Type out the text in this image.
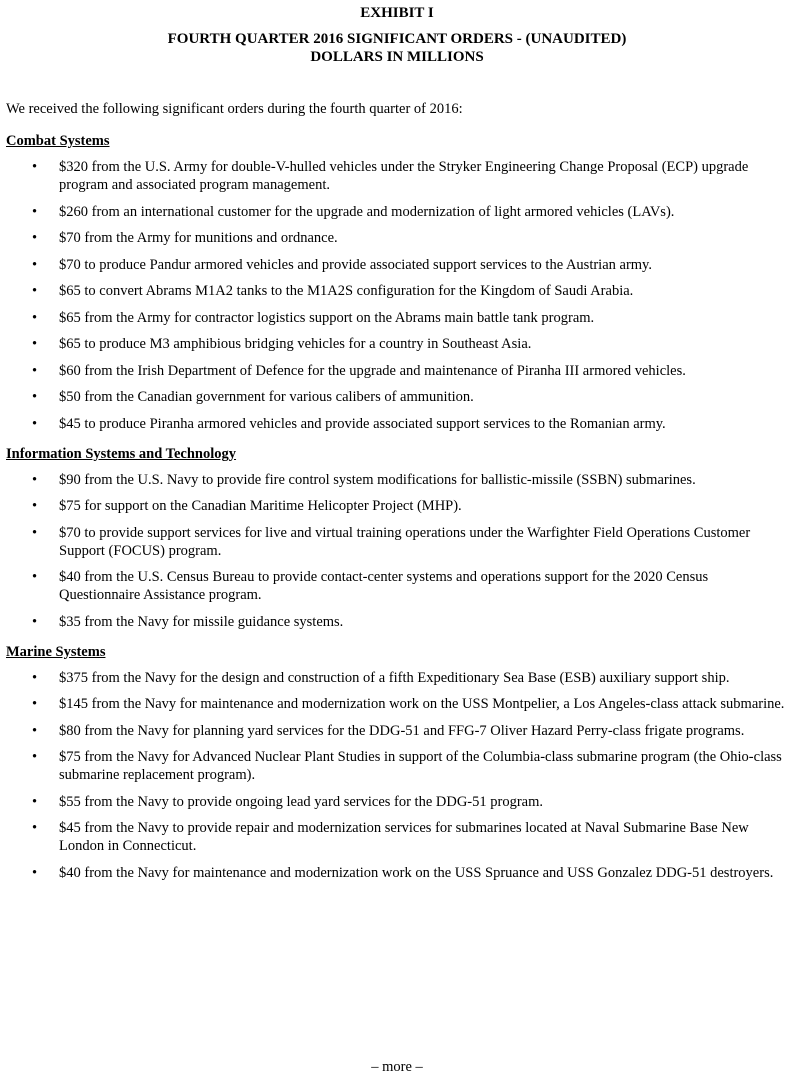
EXHIBIT I
FOURTH QUARTER 2016 SIGNIFICANT ORDERS - (UNAUDITED)
DOLLARS IN MILLIONS
We received the following significant orders during the fourth quarter of 2016:
Combat Systems
• $320 from the U.S. Army for double-V-hulled vehicles under the Stryker Engineering Change Proposal (ECP) upgrade program and associated program management.
• $260 from an international customer for the upgrade and modernization of light armored vehicles (LAVs).
• $70 from the Army for munitions and ordnance.
• $70 to produce Pandur armored vehicles and provide associated support services to the Austrian army.
• $65 to convert Abrams M1A2 tanks to the M1A2S configuration for the Kingdom of Saudi Arabia.
• $65 from the Army for contractor logistics support on the Abrams main battle tank program.
• $65 to produce M3 amphibious bridging vehicles for a country in Southeast Asia.
• $60 from the Irish Department of Defence for the upgrade and maintenance of Piranha III armored vehicles.
• $50 from the Canadian government for various calibers of ammunition.
• $45 to produce Piranha armored vehicles and provide associated support services to the Romanian army.
Information Systems and Technology
• $90 from the U.S. Navy to provide fire control system modifications for ballistic-missile (SSBN) submarines.
• $75 for support on the Canadian Maritime Helicopter Project (MHP).
• $70 to provide support services for live and virtual training operations under the Warfighter Field Operations Customer Support (FOCUS) program.
• $40 from the U.S. Census Bureau to provide contact-center systems and operations support for the 2020 Census Questionnaire Assistance program.
• $35 from the Navy for missile guidance systems.
Marine Systems
• $375 from the Navy for the design and construction of a fifth Expeditionary Sea Base (ESB) auxiliary support ship.
• $145 from the Navy for maintenance and modernization work on the USS Montpelier, a Los Angeles-class attack submarine.
• $80 from the Navy for planning yard services for the DDG-51 and FFG-7 Oliver Hazard Perry-class frigate programs.
• $75 from the Navy for Advanced Nuclear Plant Studies in support of the Columbia-class submarine program (the Ohio-class submarine replacement program).
• $55 from the Navy to provide ongoing lead yard services for the DDG-51 program.
• $45 from the Navy to provide repair and modernization services for submarines located at Naval Submarine Base New London in Connecticut.
• $40 from the Navy for maintenance and modernization work on the USS Spruance and USS Gonzalez DDG-51 destroyers.
– more –
